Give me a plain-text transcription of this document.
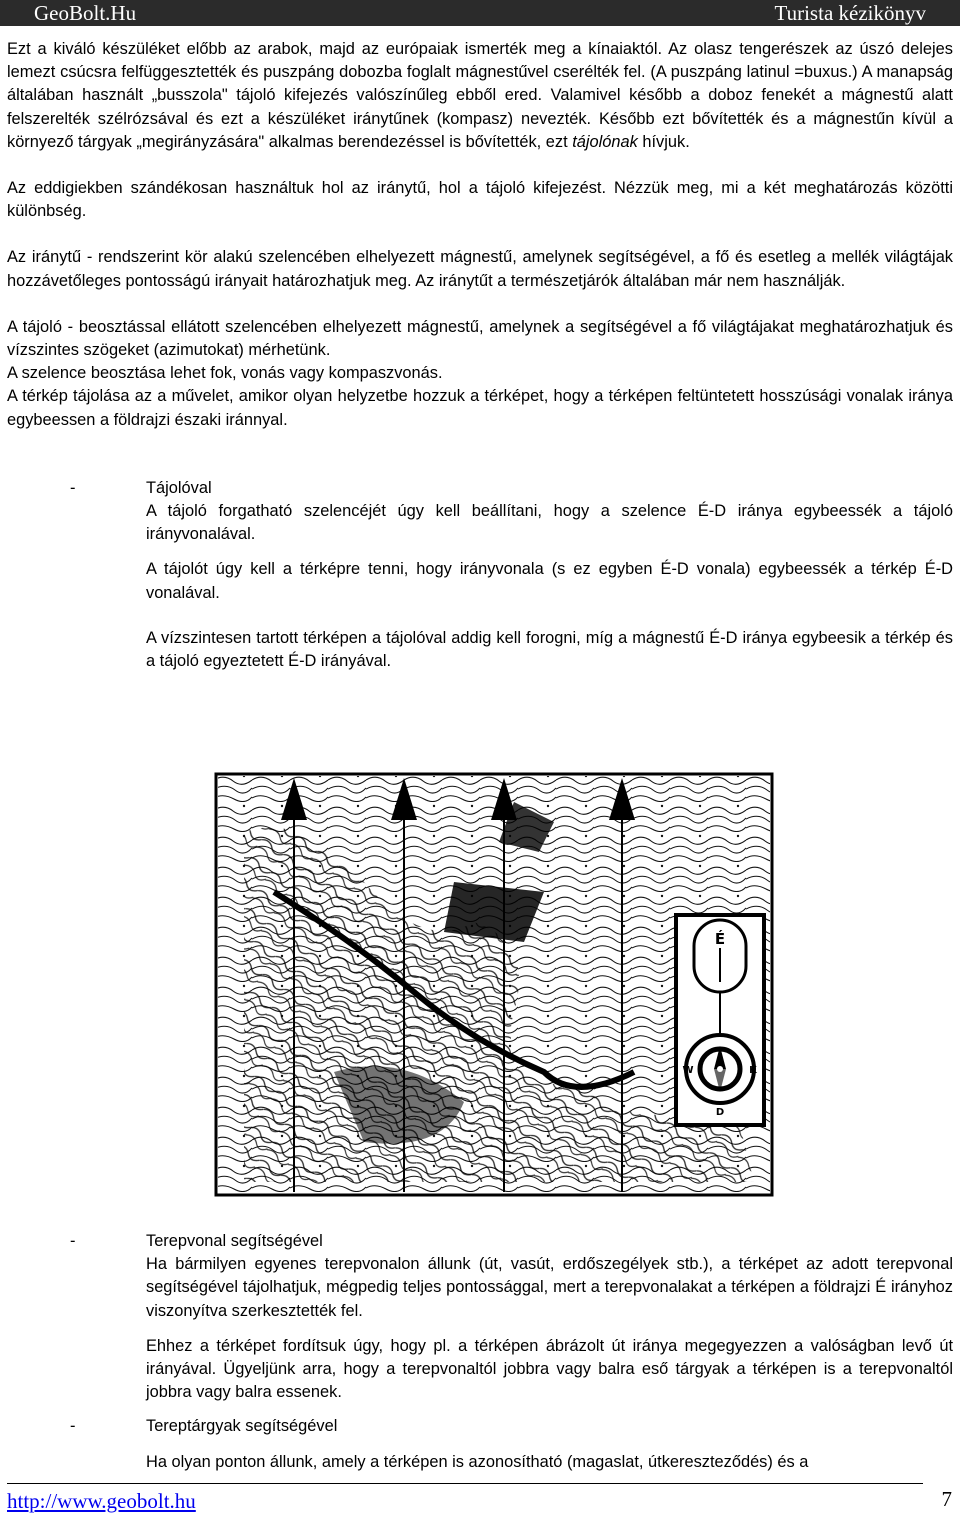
GeoBolt.Hu	Turista kézikönyv

Ezt a kiváló készüléket előbb az arabok, majd az európaiak ismerték meg a kínaiaktól. Az olasz tengerészek az úszó delejes lemezt csúcsra felfüggesztették és puszpáng dobozba foglalt mágnestűvel cserélték fel. (A puszpáng latinul =buxus.) A manapság általában használt „busszola" tájoló kifejezés valószínűleg ebből ered. Valamivel később a doboz fenekét a mágnestű alatt felszerelték szélrózsával és ezt a készüléket iránytűnek (kompasz) nevezték. Később ezt bővítették és a mágnestűn kívül a környező tárgyak „megirányzására" alkalmas berendezéssel is bővítették, ezt tájolónak hívjuk.

Az eddigiekben szándékosan használtuk hol az iránytű, hol a tájoló kifejezést. Nézzük meg, mi a két meghatározás közötti különbség.

Az iránytű - rendszerint kör alakú szelencében elhelyezett mágnestű, amelynek segítségével, a fő és esetleg a mellék világtájak hozzávetőleges pontosságú irányait határozhatjuk meg. Az iránytűt a természetjárók általában már nem használják.

A tájoló - beosztással ellátott szelencében elhelyezett mágnestű, amelynek a segítségével a fő világtájakat meghatározhatjuk és vízszintes szögeket (azimutokat) mérhetünk.

A szelence beosztása lehet fok, vonás vagy kompaszvonás.

A térkép tájolása az a művelet, amikor olyan helyzetbe hozzuk a térképet, hogy a térképen feltüntetett hosszúsági vonalak iránya egybeessen a földrajzi északi iránnyal.

-	Tájolóval

A tájoló forgatható szelencéjét úgy kell beállítani, hogy a szelence É-D iránya egybeessék a tájoló irányvonalával.

A tájolót úgy kell a térképre tenni, hogy irányvonala (s ez egyben É-D vonala) egybeessék a térkép É-D vonalával.

A vízszintesen tartott térképen a tájolóval addig kell forogni, míg a mágnestű É-D iránya egybeesik a térkép és a tájoló egyeztetett É-D irányával.

É
W	K
D
-	Terepvonal segítségével

Ha bármilyen egyenes terepvonalon állunk (út, vasút, erdőszegélyek stb.), a térképet az adott terepvonal segítségével tájolhatjuk, mégpedig teljes pontossággal, mert a terepvonalakat a térképen a földrajzi É irányhoz viszonyítva szerkesztették fel.

Ehhez a térképet fordítsuk úgy, hogy pl. a térképen ábrázolt út iránya megegyezzen a valóságban levő út irányával. Ügyeljünk arra, hogy a terepvonaltól jobbra vagy balra eső tárgyak a térképen is a terepvonaltól jobbra vagy balra essenek.

-	Tereptárgyak segítségével

Ha olyan ponton állunk, amely a térképen is azonosítható (magaslat, útkereszteződés) és a

http://www.geobolt.hu	7
